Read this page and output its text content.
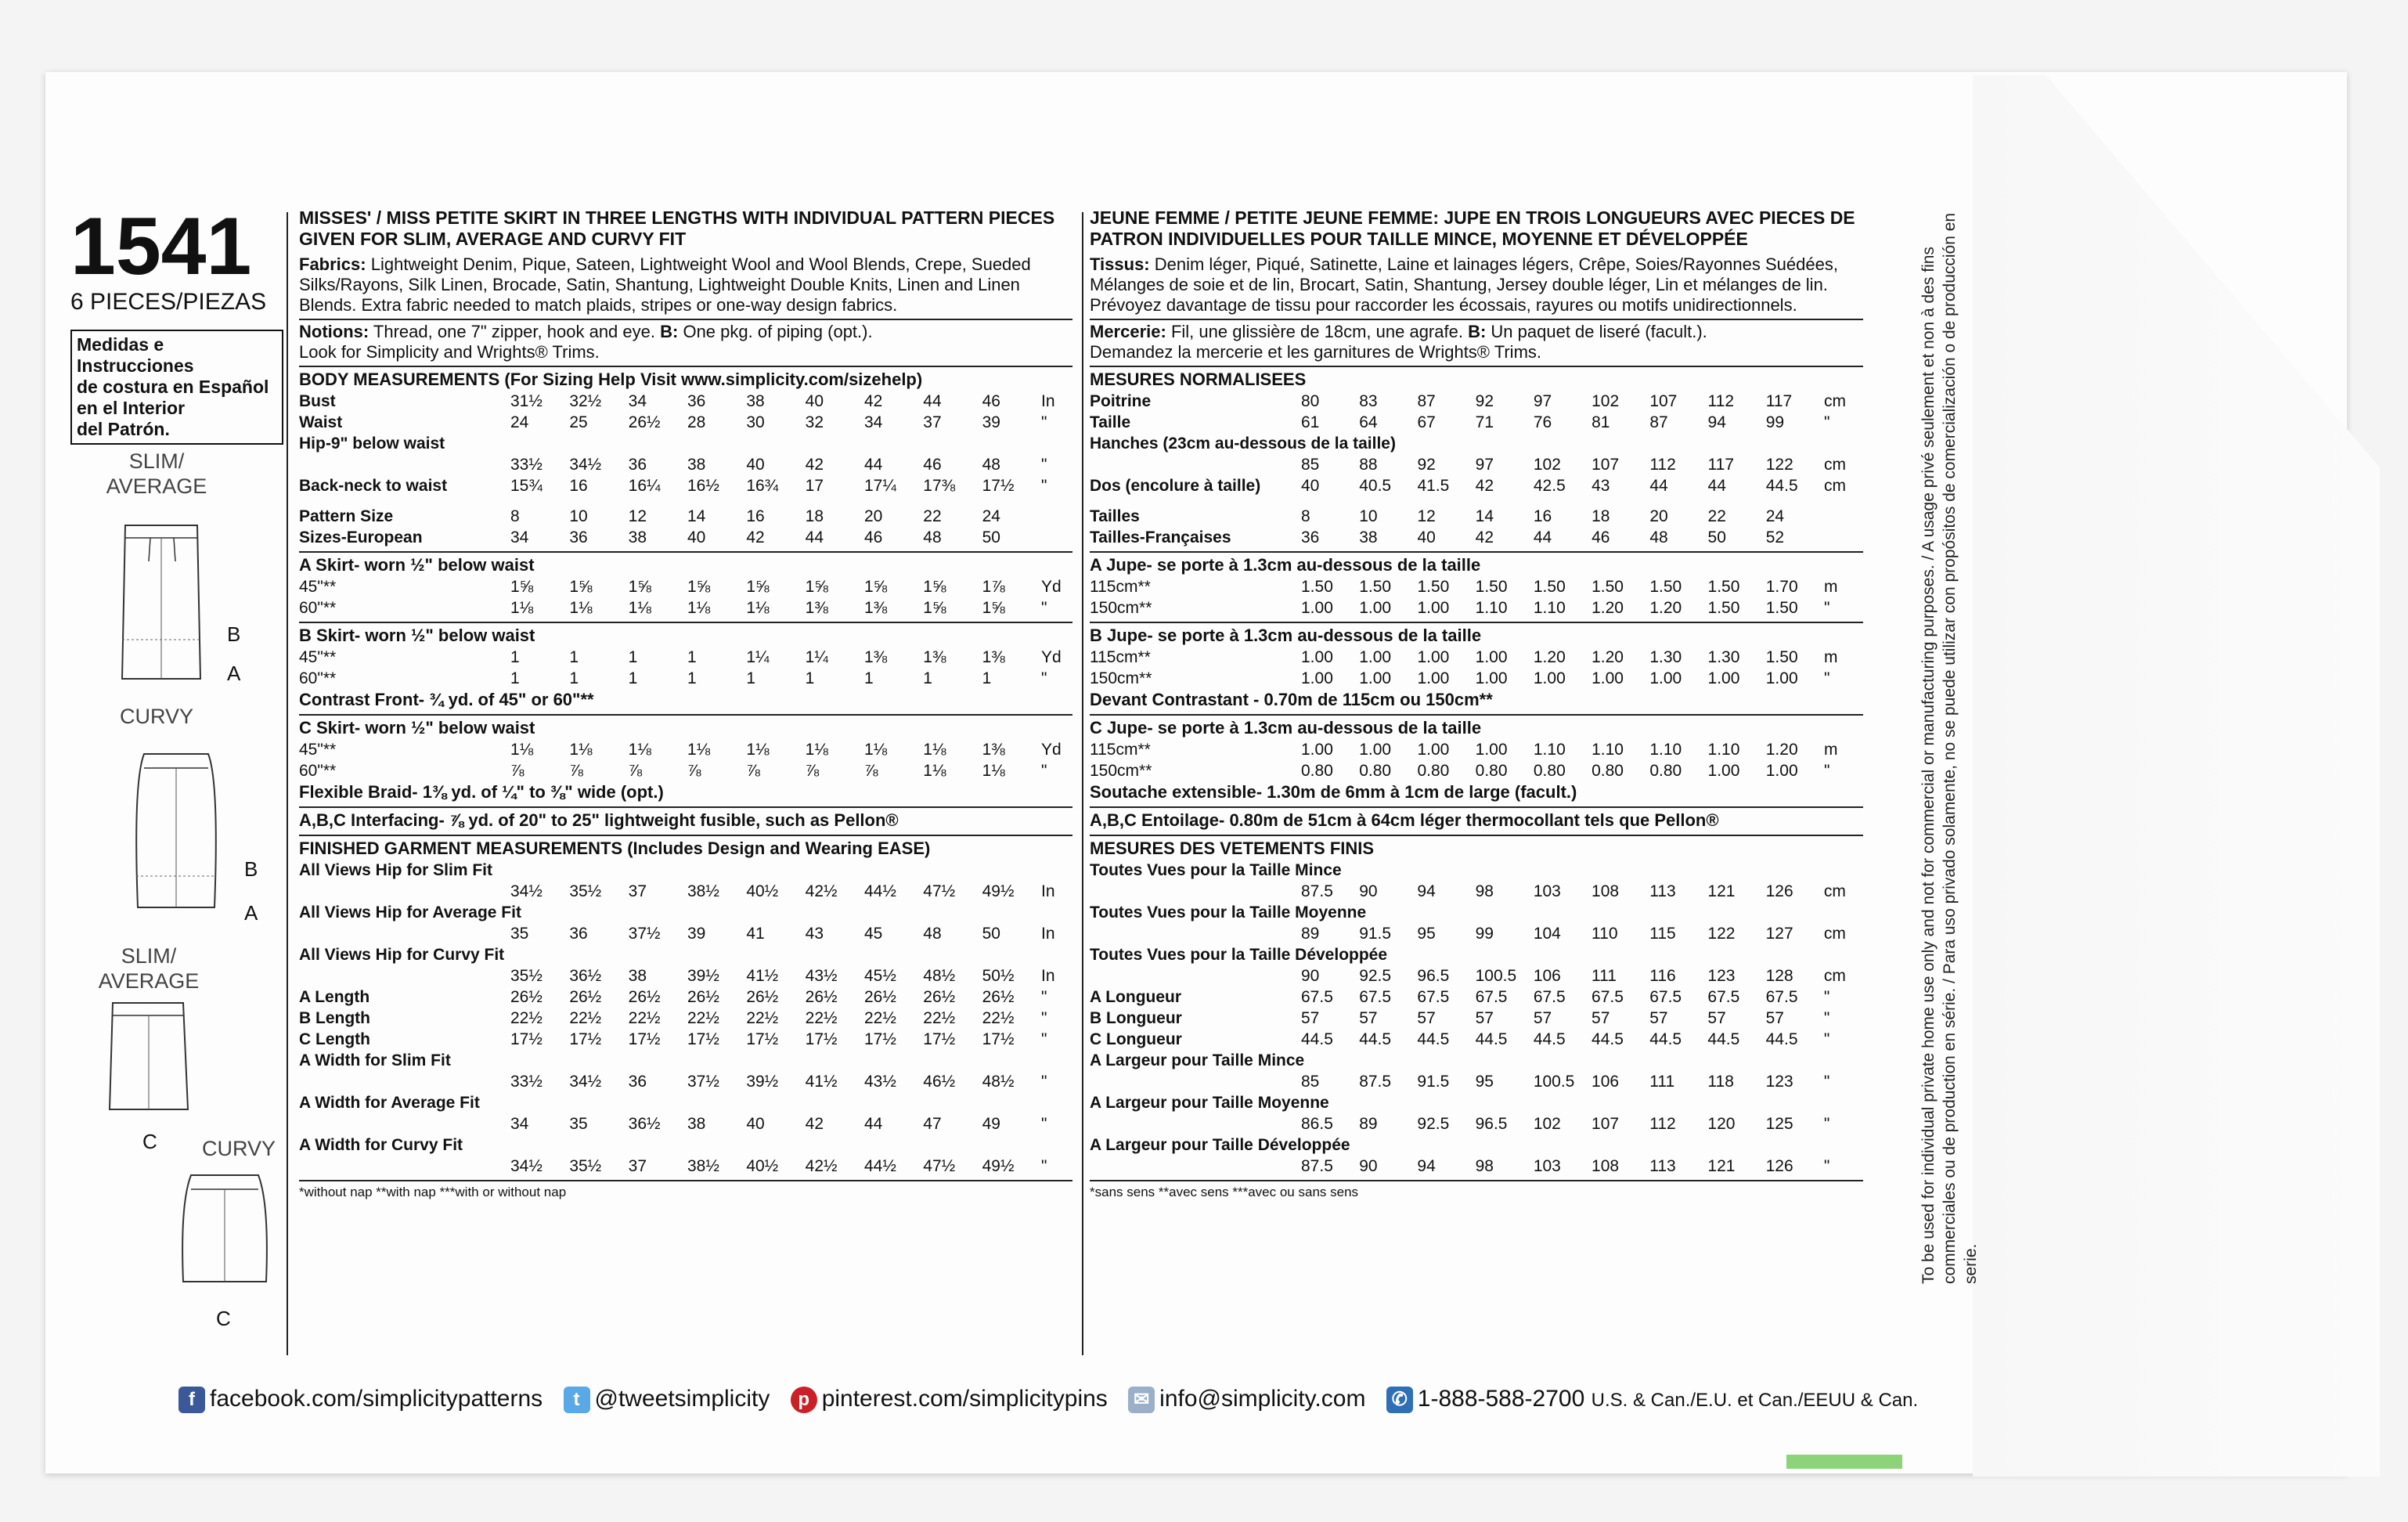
1541
6 PIECES/PIEZAS
Medidas e Instrucciones
de costura en Español
en el Interior
del Patrón.
SLIM/
AVERAGE
B
A
CURVY
B
A
SLIM/
AVERAGE
C	CURVY
C
MISSES' / MISS PETITE SKIRT IN THREE LENGTHS WITH INDIVIDUAL PATTERN PIECES GIVEN FOR SLIM, AVERAGE AND CURVY FIT
Fabrics: Lightweight Denim, Pique, Sateen, Lightweight Wool and Wool Blends, Crepe, Sueded Silks/Rayons, Silk Linen, Brocade, Satin, Shantung, Lightweight Double Knits, Linen and Linen Blends. Extra fabric needed to match plaids, stripes or one-way design fabrics.
Notions: Thread, one 7" zipper, hook and eye. B: One pkg. of piping (opt.).
Look for Simplicity and Wrights® Trims.
BODY MEASUREMENTS (For Sizing Help Visit www.simplicity.com/sizehelp)
Bust	31½	32½	34	36	38	40	42	44	46	In
Waist	24	25	26½	28	30	32	34	37	39	"
Hip-9" below waist										
	33½	34½	36	38	40	42	44	46	48	"
Back-neck to waist	15¾	16	16¼	16½	16¾	17	17¼	17⅜	17½	"

Pattern Size	8	10	12	14	16	18	20	22	24	
Sizes-European	34	36	38	40	42	44	46	48	50	
A Skirt- worn ½" below waist
45"**	1⅝	1⅝	1⅝	1⅝	1⅝	1⅝	1⅝	1⅝	1⅞	Yd
60"**	1⅛	1⅛	1⅛	1⅛	1⅛	1⅜	1⅜	1⅝	1⅝	"
B Skirt- worn ½" below waist
45"**	1	1	1	1	1¼	1¼	1⅜	1⅜	1⅜	Yd
60"**	1	1	1	1	1	1	1	1	1	"
Contrast Front- ¾ yd. of 45" or 60"**
C Skirt- worn ½" below waist
45"**	1⅛	1⅛	1⅛	1⅛	1⅛	1⅛	1⅛	1⅛	1⅜	Yd
60"**	⅞	⅞	⅞	⅞	⅞	⅞	⅞	1⅛	1⅛	"
Flexible Braid- 1⅜ yd. of ¼" to ⅜" wide (opt.)
A,B,C Interfacing- ⅞ yd. of 20" to 25" lightweight fusible, such as Pellon®
FINISHED GARMENT MEASUREMENTS (Includes Design and Wearing EASE)
All Views Hip for Slim Fit										
	34½	35½	37	38½	40½	42½	44½	47½	49½	In
All Views Hip for Average Fit										
	35	36	37½	39	41	43	45	48	50	In
All Views Hip for Curvy Fit										
	35½	36½	38	39½	41½	43½	45½	48½	50½	In
A Length	26½	26½	26½	26½	26½	26½	26½	26½	26½	"
B Length	22½	22½	22½	22½	22½	22½	22½	22½	22½	"
C Length	17½	17½	17½	17½	17½	17½	17½	17½	17½	"
A Width for Slim Fit										
	33½	34½	36	37½	39½	41½	43½	46½	48½	"
A Width for Average Fit										
	34	35	36½	38	40	42	44	47	49	"
A Width for Curvy Fit										
	34½	35½	37	38½	40½	42½	44½	47½	49½	"
*without nap **with nap ***with or without nap
JEUNE FEMME / PETITE JEUNE FEMME: JUPE EN TROIS LONGUEURS AVEC PIECES DE PATRON INDIVIDUELLES POUR TAILLE MINCE, MOYENNE ET DÉVELOPPÉE
Tissus: Denim léger, Piqué, Satinette, Laine et lainages légers, Crêpe, Soies/Rayonnes Suédées, Mélanges de soie et de lin, Brocart, Satin, Shantung, Jersey double léger, Lin et mélanges de lin. Prévoyez davantage de tissu pour raccorder les écossais, rayures ou motifs unidirectionnels.
Mercerie: Fil, une glissière de 18cm, une agrafe. B: Un paquet de liseré (facult.).
Demandez la mercerie et les garnitures de Wrights® Trims.
MESURES NORMALISEES
Poitrine	80	83	87	92	97	102	107	112	117	cm
Taille	61	64	67	71	76	81	87	94	99	"
Hanches (23cm au-dessous de la taille)										
	85	88	92	97	102	107	112	117	122	cm
Dos (encolure à taille)	40	40.5	41.5	42	42.5	43	44	44	44.5	cm

Tailles	8	10	12	14	16	18	20	22	24	
Tailles-Françaises	36	38	40	42	44	46	48	50	52	
A Jupe- se porte à 1.3cm au-dessous de la taille
115cm**	1.50	1.50	1.50	1.50	1.50	1.50	1.50	1.50	1.70	m
150cm**	1.00	1.00	1.00	1.10	1.10	1.20	1.20	1.50	1.50	"
B Jupe- se porte à 1.3cm au-dessous de la taille
115cm**	1.00	1.00	1.00	1.00	1.20	1.20	1.30	1.30	1.50	m
150cm**	1.00	1.00	1.00	1.00	1.00	1.00	1.00	1.00	1.00	"
Devant Contrastant - 0.70m de 115cm ou 150cm**
C Jupe- se porte à 1.3cm au-dessous de la taille
115cm**	1.00	1.00	1.00	1.00	1.10	1.10	1.10	1.10	1.20	m
150cm**	0.80	0.80	0.80	0.80	0.80	0.80	0.80	1.00	1.00	"
Soutache extensible- 1.30m de 6mm à 1cm de large (facult.)
A,B,C Entoilage- 0.80m de 51cm à 64cm léger thermocollant tels que Pellon®
MESURES DES VETEMENTS FINIS
Toutes Vues pour la Taille Mince										
	87.5	90	94	98	103	108	113	121	126	cm
Toutes Vues pour la Taille Moyenne										
	89	91.5	95	99	104	110	115	122	127	cm
Toutes Vues pour la Taille Développée										
	90	92.5	96.5	100.5	106	111	116	123	128	cm
A Longueur	67.5	67.5	67.5	67.5	67.5	67.5	67.5	67.5	67.5	"
B Longueur	57	57	57	57	57	57	57	57	57	"
C Longueur	44.5	44.5	44.5	44.5	44.5	44.5	44.5	44.5	44.5	"
A Largeur pour Taille Mince										
	85	87.5	91.5	95	100.5	106	111	118	123	"
A Largeur pour Taille Moyenne										
	86.5	89	92.5	96.5	102	107	112	120	125	"
A Largeur pour Taille Développée										
	87.5	90	94	98	103	108	113	121	126	"
*sans sens **avec sens ***avec ou sans sens	To be used for individual private home use only and not for commercial or manufacturing purposes. / A usage privé seulement et non à des fins commerciales ou de production en série. / Para uso privado solamente, no se puede utilizar con propósitos de comercialización o de producción en serie.
f facebook.com/simplicitypatterns t @tweetsimplicity p pinterest.com/simplicitypins ✉ info@simplicity.com ✆ 1-888-588-2700 U.S. & Can./E.U. et Can./EEUU & Can.
